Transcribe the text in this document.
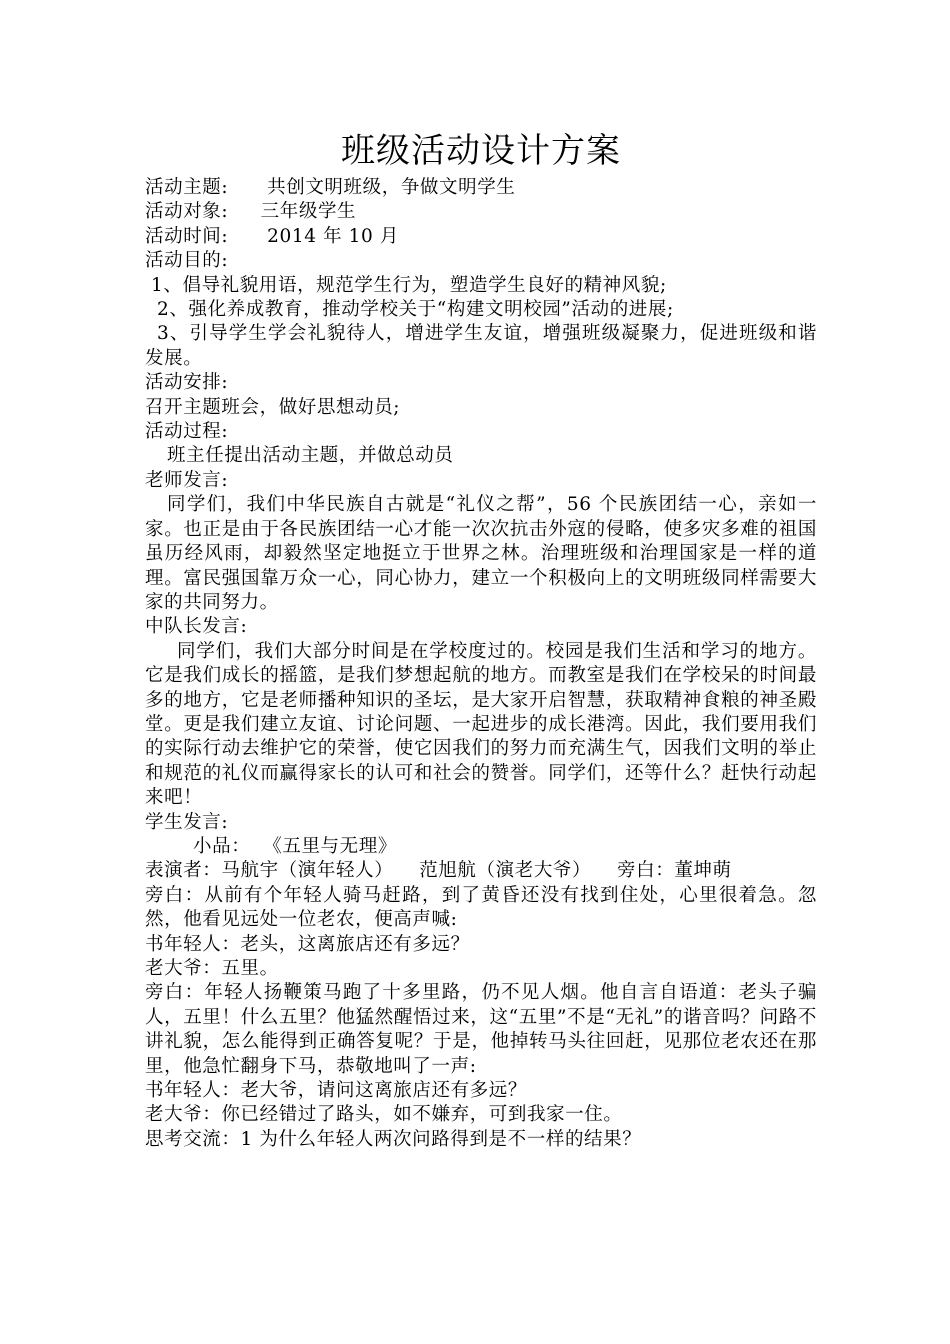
班级活动设计方案
活动主题: 共创文明班级，争做文明学生
活动对象: 三年级学生
活动时间: 2014 年 10 月
活动目的:
1、倡导礼貌用语，规范学生行为，塑造学生良好的精神风貌;
2、强化养成教育，推动学校关于“构建文明校园”活动的进展;
3、引导学生学会礼貌待人，增进学生友谊，增强班级凝聚力，促进班级和谐发展。
活动安排:
召开主题班会，做好思想动员;
活动过程:
班主任提出活动主题，并做总动员
老师发言:
同学们，我们中华民族自古就是“礼仪之帮”，56 个民族团结一心，亲如一家。也正是由于各民族团结一心才能一次次抗击外寇的侵略，使多灾多难的祖国虽历经风雨，却毅然坚定地挺立于世界之林。治理班级和治理国家是一样的道理。富民强国靠万众一心，同心协力，建立一个积极向上的文明班级同样需要大家的共同努力。
中队长发言:
同学们，我们大部分时间是在学校度过的。校园是我们生活和学习的地方。它是我们成长的摇篮，是我们梦想起航的地方。而教室是我们在学校呆的时间最多的地方，它是老师播种知识的圣坛，是大家开启智慧，获取精神食粮的神圣殿堂。更是我们建立友谊、讨论问题、一起进步的成长港湾。因此，我们要用我们的实际行动去维护它的荣誉，使它因我们的努力而充满生气，因我们文明的举止和规范的礼仪而赢得家长的认可和社会的赞誉。同学们，还等什么？赶快行动起来吧！
学生发言:
小品：  《五里与无理》
表演者：马航宇（演年轻人）    范旭航（演老大爷）    旁白：董坤萌
旁白：从前有个年轻人骑马赶路，到了黄昏还没有找到住处，心里很着急。忽然，他看见远处一位老农，便高声喊:
书年轻人：老头，这离旅店还有多远？
老大爷：五里。
旁白：年轻人扬鞭策马跑了十多里路，仍不见人烟。他自言自语道：老头子骗人，五里！什么五里？他猛然醒悟过来，这“五里”不是“无礼”的谐音吗？问路不讲礼貌，怎么能得到正确答复呢？于是，他掉转马头往回赶，见那位老农还在那里，他急忙翻身下马，恭敬地叫了一声:
书年轻人：老大爷，请问这离旅店还有多远？
老大爷：你已经错过了路头，如不嫌弃，可到我家一住。
思考交流：1 为什么年轻人两次问路得到是不一样的结果？
